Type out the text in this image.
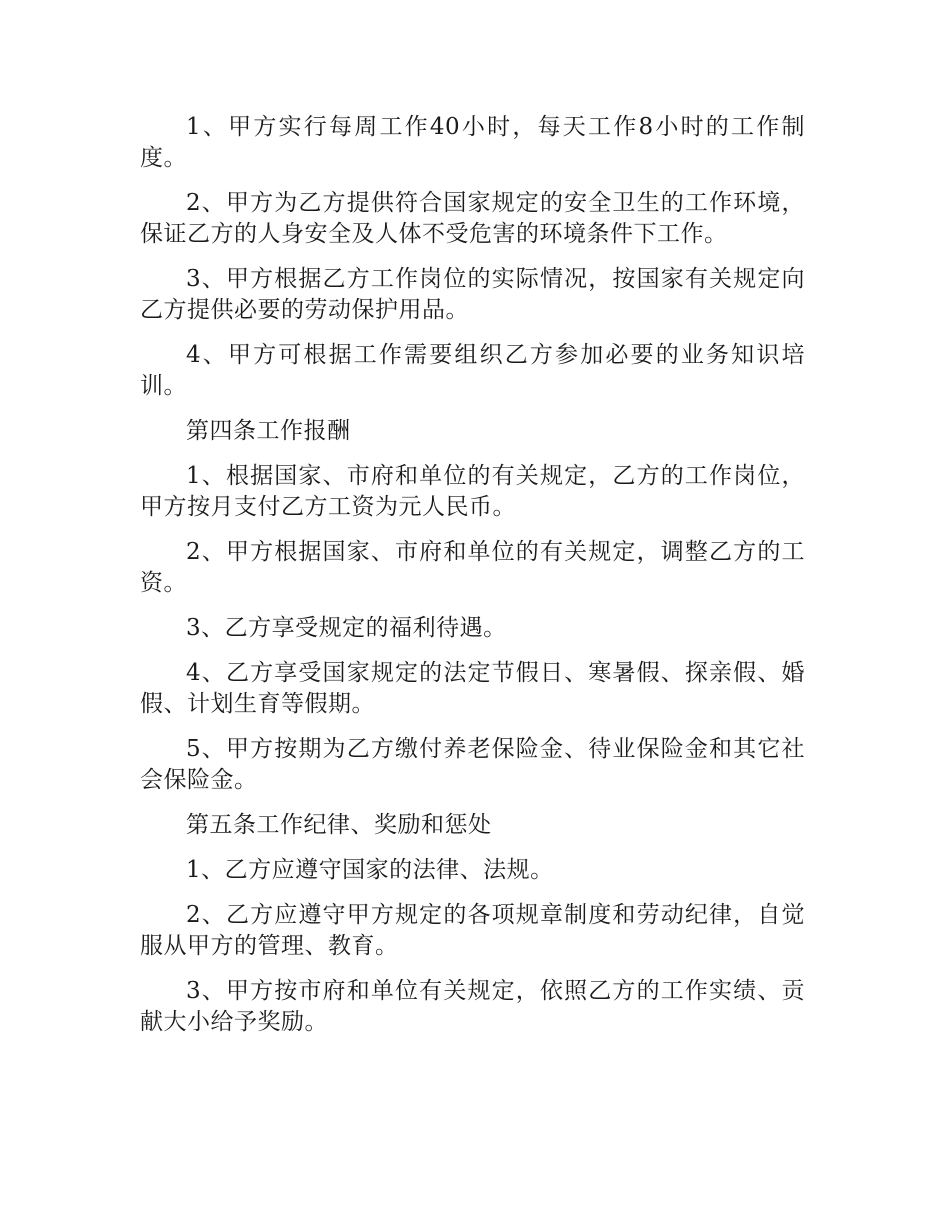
1、甲方实行每周工作40小时，每天工作8小时的工作制度。

2、甲方为乙方提供符合国家规定的安全卫生的工作环境，保证乙方的人身安全及人体不受危害的环境条件下工作。

3、甲方根据乙方工作岗位的实际情况，按国家有关规定向乙方提供必要的劳动保护用品。

4、甲方可根据工作需要组织乙方参加必要的业务知识培训。

第四条工作报酬

1、根据国家、市府和单位的有关规定，乙方的工作岗位，甲方按月支付乙方工资为元人民币。

2、甲方根据国家、市府和单位的有关规定，调整乙方的工资。

3、乙方享受规定的福利待遇。

4、乙方享受国家规定的法定节假日、寒暑假、探亲假、婚假、计划生育等假期。

5、甲方按期为乙方缴付养老保险金、待业保险金和其它社会保险金。

第五条工作纪律、奖励和惩处

1、乙方应遵守国家的法律、法规。

2、乙方应遵守甲方规定的各项规章制度和劳动纪律，自觉服从甲方的管理、教育。

3、甲方按市府和单位有关规定，依照乙方的工作实绩、贡献大小给予奖励。
